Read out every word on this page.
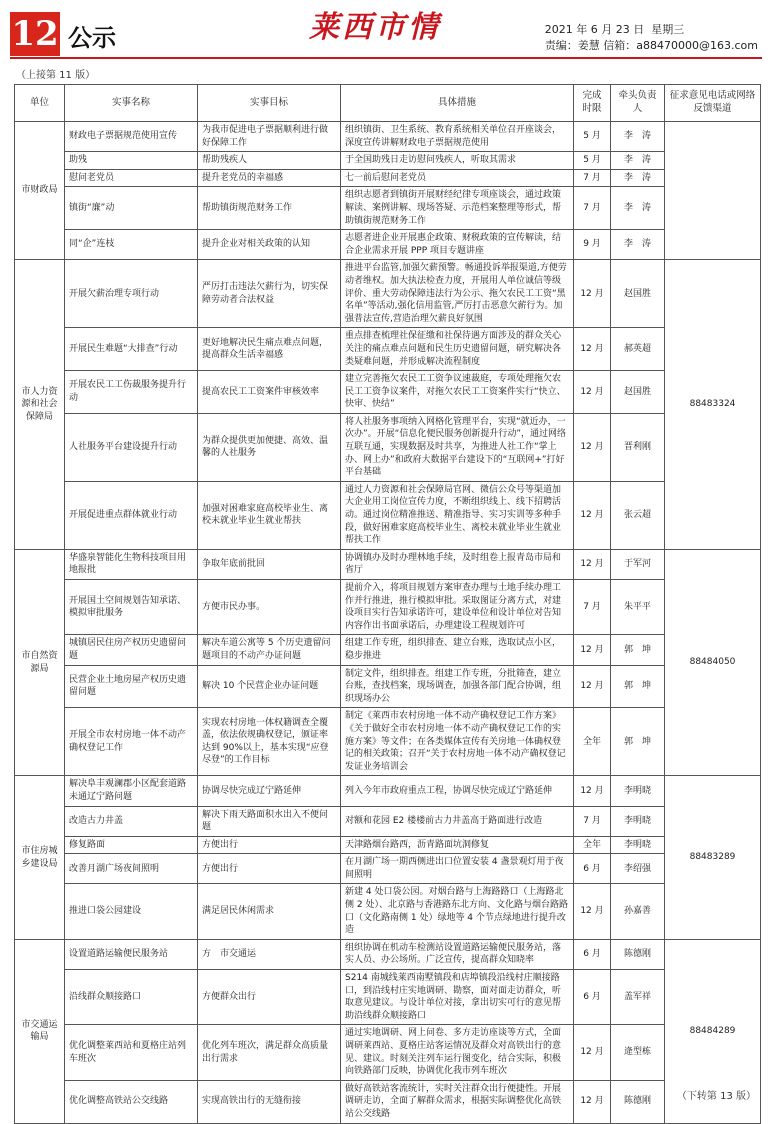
12 公示	莱西市情	2021 年 6 月 23 日 星期三
责编：姜慧 信箱：a88470000@163.com
（上接第 11 版）
单位	实事名称	实事目标	具体措施	完成时限	牵头负责人	征求意见电话或网络反馈渠道
市财政局	财政电子票据规范使用宣传	为我市促进电子票据顺利进行做好保障工作	组织镇街、卫生系统、教育系统相关单位召开座谈会，深度宣传讲解财政电子票据规范使用	5 月	李　涛	
	助残	帮助残疾人	于全国助残日走访慰问残疾人，听取其需求	5 月	李　涛	
	慰问老党员	提升老党员的幸福感	七一前后慰问老党员	7 月	李　涛	
	镇街“廉”动	帮助镇街规范财务工作	组织志愿者到镇街开展财经纪律专项座谈会，通过政策解读、案例讲解、现场答疑、示范档案整理等形式，帮助镇街规范财务工作	7 月	李　涛	
	同“企”连枝	提升企业对相关政策的认知	志愿者进企业开展惠企政策、财税政策的宣传解读，结合企业需求开展 PPP 项目专题讲座	9 月	李　涛	
市人力资源和社会保障局	开展欠薪治理专项行动	严厉打击违法欠薪行为，切实保障劳动者合法权益	推进平台监管,加强欠薪预警。畅通投诉举报渠道,方便劳动者维权。加大执法检查力度，开展用人单位诚信等级评价、重大劳动保障违法行为公示、拖欠农民工工资“黑名单”等活动,强化信用监管,严厉打击恶意欠薪行为。加强普法宣传,营造治理欠薪良好氛围	12 月	赵国胜	88483324
	开展民生难题“大排查”行动	更好地解决民生痛点难点问题，提高群众生活幸福感	重点排查梳理社保征缴和社保待遇方面涉及的群众关心关注的痛点难点问题和民生历史遗留问题，研究解决各类疑难问题，并形成解决流程制度	12 月	郝英超	
	开展农民工工伤裁服务提升行动	提高农民工工资案件审核效率	建立完善拖欠农民工工资争议速裁庭，专项处理拖欠农民工工资争议案件，对拖欠农民工工资案件实行“快立、快审、快结”	12 月	赵国胜	
	人社服务平台建设提升行动	为群众提供更加便捷、高效、温馨的人社服务	将人社服务事项纳入网格化管理平台，实现“就近办，一次办”。开展“信息化便民服务创新提升行动”，通过网络互联互通，实现数据及时共享，为推进人社工作“掌上办、网上办”和政府大数据平台建设下的“互联网+”打好平台基础	12 月	晋利刚	
	开展促进重点群体就业行动	加强对困难家庭高校毕业生、离校未就业毕业生就业帮扶	通过人力资源和社会保障局官网、微信公众号等渠道加大企业用工岗位宣传力度，不断组织线上、线下招聘活动。通过岗位精准推送、精准指导、实习实训等多种手段，做好困难家庭高校毕业生、离校未就业毕业生就业帮扶工作	12 月	张云超	
市自然资源局	华盛泉智能化生物科技项目用地报批	争取年底前批回	协调镇办及时办理林地手续，及时组卷上报青岛市局和省厅	12 月	于军河	88484050
	开展国土空间规划告知承诺、模拟审批服务	方便市民办事。	提前介入，将项目规划方案审查办理与土地手续办理工作并行推进，推行模拟审批。采取图证分离方式，对建设项目实行告知承诺许可，建设单位和设计单位对告知内容作出书面承诺后，办理建设工程规划许可	7 月	朱平平	
	城镇居民住房产权历史遗留问题	解决车道公寓等 5 个历史遗留问题项目的不动产办证问题	组建工作专班，组织排查、建立台账，选取试点小区，稳步推进	12 月	郭　坤	
	民营企业土地房屋产权历史遗留问题	解决 10 个民营企业办证问题	制定文件，组织排查。组建工作专班，分批筛查，建立台账，查找档案，现场调查，加强各部门配合协调，组织现场办公	12 月	郭　坤	
	开展全市农村房地一体不动产确权登记工作	实现农村房地一体权籍调查全覆盖，依法依规确权登记，颁证率达到 90%以上，基本实现“应登尽登”的工作目标	制定《莱西市农村房地一体不动产确权登记工作方案》《关于做好全市农村房地一体不动产确权登记工作的实施方案》等文件；在各类媒体宣传有关房地一体确权登记的相关政策；召开“关于农村房地一体不动产确权登记发证业务培训会	全年	郭　坤	
市住房城乡建设局	解决阜丰观澜郡小区配套道路未通辽宁路问题	协调尽快完成辽宁路延伸	列入今年市政府重点工程，协调尽快完成辽宁路延伸	12 月	李明晓	88483289
	改造古力井盖	解决下雨天路面积水出入不便问题	对额和花园 E2 楼楼前古力井盖高于路面进行改造	7 月	李明晓	
	修复路面	方便出行	天津路烟台路西，沥青路面坑洞修复	全年	李明晓	
	改善月湖广场夜间照明	方便出行	在月湖广场一期西侧进出口位置安装 4 盏景观灯用于夜间照明	6 月	李绍强	
	推进口袋公园建设	满足居民休闲需求	新建 4 处口袋公园。对烟台路与上海路路口（上海路北侧 2 处）、北京路与香港路东北方向、文化路与烟台路路口（文化路南侧 1 处）绿地等 4 个节点绿地进行提升改造	12 月	孙嘉善	
市交通运输局	设置道路运输便民服务站	方　市交通运	组织协调在机动车检测站设置道路运输便民服务站，落实人员、办公场所。广泛宣传，提高群众知晓率	6 月	陈德刚	88484289
	沿线群众顺接路口	方便群众出行	S214 南城线莱西南墅镇段和店埠镇段沿线村庄顺接路口，到沿线村庄实地调研、勘察，面对面走访群众，听取意见建议。与设计单位对接，拿出切实可行的意见帮助沿线群众顺接路口	6 月	盖军祥	
	优化调整莱西站和夏格庄站列车班次	优化列车班次，满足群众高质量出行需求	通过实地调研、网上问卷、多方走访座谈等方式，全面调研莱西站、夏格庄站客运情况及群众对高铁出行的意见、建议。时刻关注列车运行图变化，结合实际，积极向铁路部门反映，协调优化我市列车班次	12 月	逄型栋	
	优化调整高铁站公交线路	实现高铁出行的无缝衔接	做好高铁站客流统计，实时关注群众出行便捷性。开展调研走访，全面了解群众需求，根据实际调整优化高铁站公交线路	12 月	陈德刚		（下转第 13 版）
